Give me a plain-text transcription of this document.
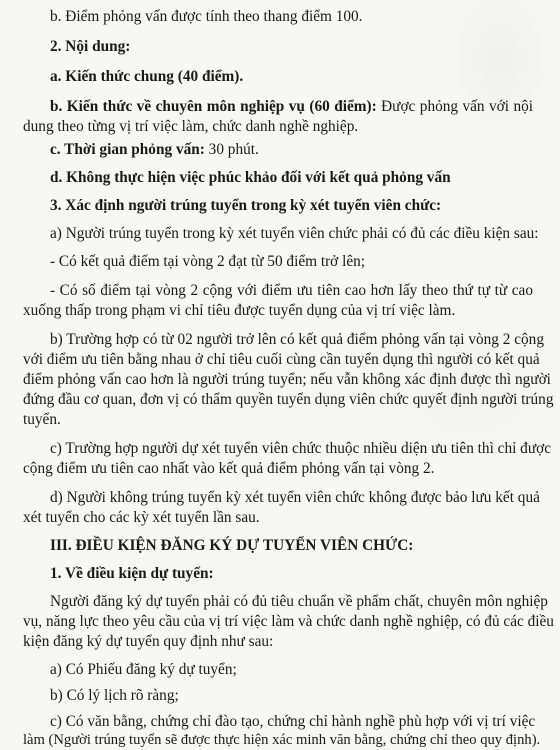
b. Điểm phỏng vấn được tính theo thang điểm 100.
2. Nội dung:
a. Kiến thức chung (40 điểm).
b. Kiến thức về chuyên môn nghiệp vụ (60 điểm): Được phỏng vấn với nội
dung theo từng vị trí việc làm, chức danh nghề nghiệp.
c. Thời gian phỏng vấn: 30 phút.
d. Không thực hiện việc phúc khảo đối với kết quả phỏng vấn
3. Xác định người trúng tuyển trong kỳ xét tuyển viên chức:
a) Người trúng tuyển trong kỳ xét tuyển viên chức phải có đủ các điều kiện sau:
- Có kết quả điểm tại vòng 2 đạt từ 50 điểm trở lên;
- Có số điểm tại vòng 2 cộng với điểm ưu tiên cao hơn lấy theo thứ tự từ cao
xuống thấp trong phạm vi chỉ tiêu được tuyển dụng của vị trí việc làm.
b) Trường hợp có từ 02 người trở lên có kết quả điểm phỏng vấn tại vòng 2 cộng
với điểm ưu tiên bằng nhau ở chỉ tiêu cuối cùng cần tuyển dụng thì người có kết quả
điểm phỏng vấn cao hơn là người trúng tuyển; nếu vẫn không xác định được thì người
đứng đầu cơ quan, đơn vị có thẩm quyền tuyển dụng viên chức quyết định người trúng
tuyển.
c) Trường hợp người dự xét tuyển viên chức thuộc nhiều diện ưu tiên thì chỉ được
cộng điểm ưu tiên cao nhất vào kết quả điểm phỏng vấn tại vòng 2.
d) Người không trúng tuyển kỳ xét tuyển viên chức không được bảo lưu kết quả
xét tuyển cho các kỳ xét tuyển lần sau.
III. ĐIỀU KIỆN ĐĂNG KÝ DỰ TUYỂN VIÊN CHỨC:
1. Về điều kiện dự tuyển:
Người đăng ký dự tuyển phải có đủ tiêu chuẩn về phẩm chất, chuyên môn nghiệp
vụ, năng lực theo yêu cầu của vị trí việc làm và chức danh nghề nghiệp, có đủ các điều
kiện đăng ký dự tuyển quy định như sau:
a) Có Phiếu đăng ký dự tuyển;
b) Có lý lịch rõ ràng;
c) Có văn bằng, chứng chỉ đào tạo, chứng chỉ hành nghề phù hợp với vị trí việc
làm (Người trúng tuyển sẽ được thực hiện xác minh văn bằng, chứng chỉ theo quy định).
